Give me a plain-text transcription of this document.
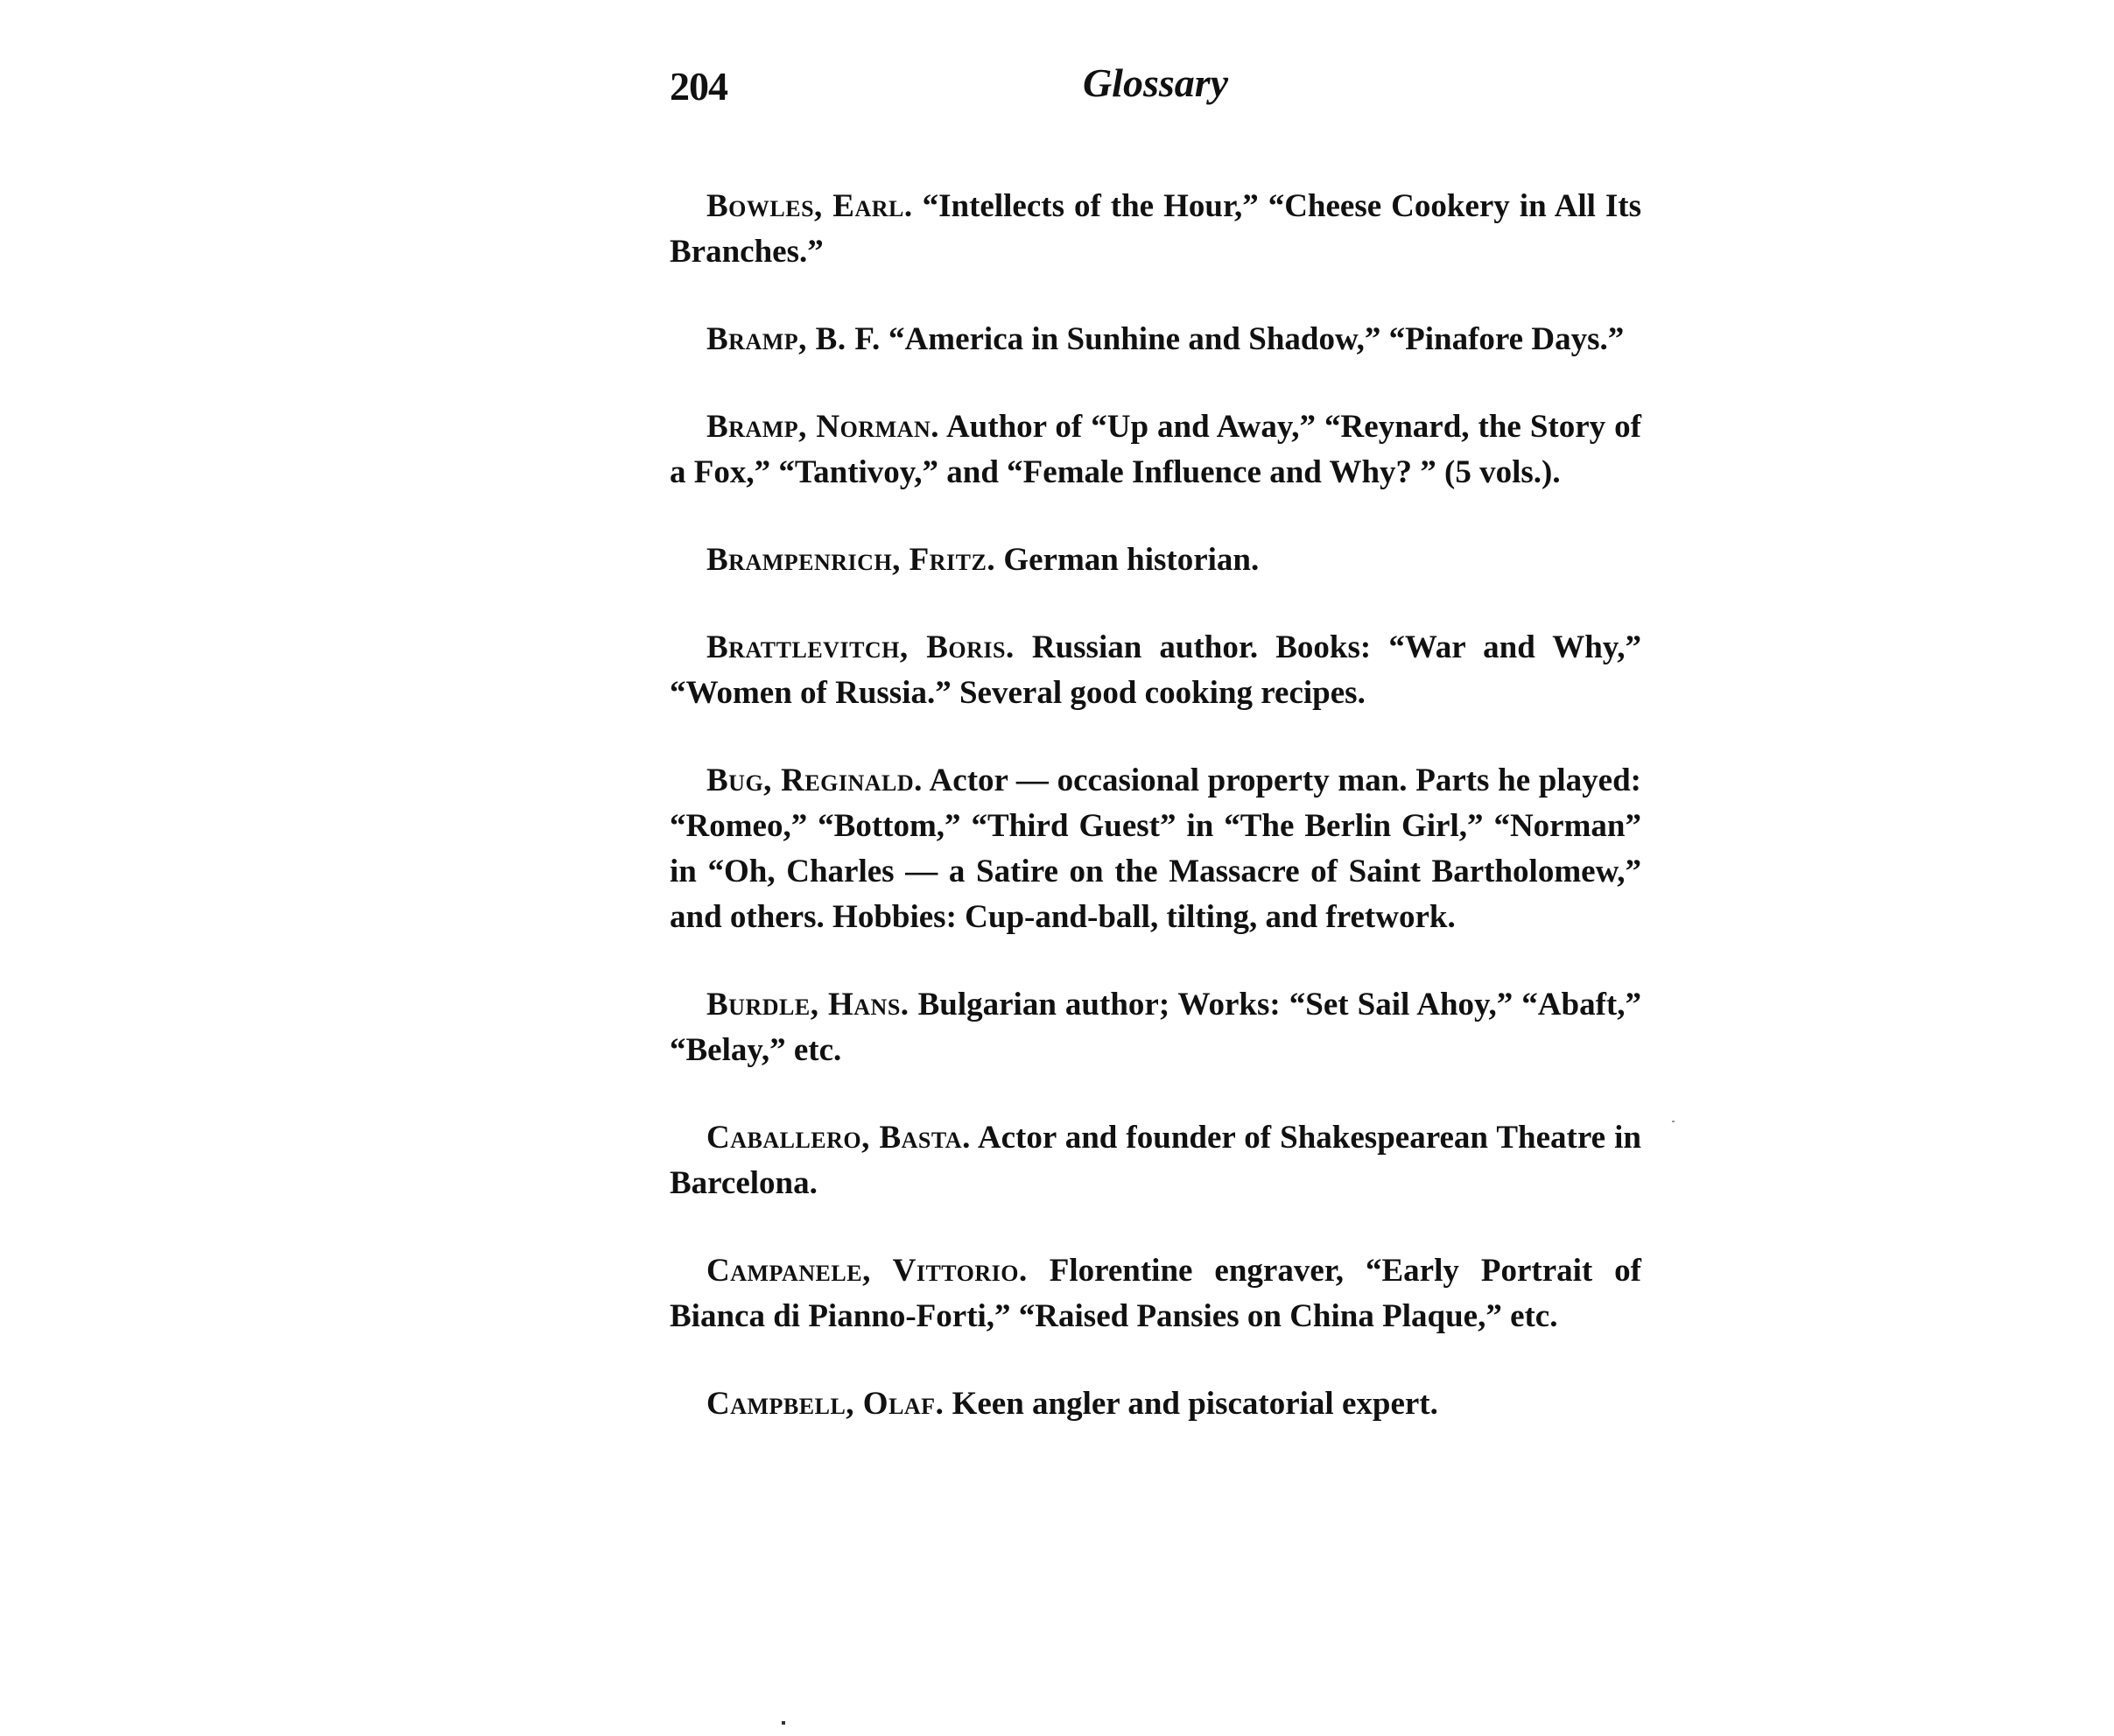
204	Glossary

Bowles, Earl. “Intellects of the Hour,” “Cheese Cookery in All Its Branches.”

Bramp, B. F. “America in Sunhine and Shadow,” “Pinafore Days.”

Bramp, Norman. Author of “Up and Away,” “Reynard, the Story of a Fox,” “Tantivoy,” and “Female Influence and Why? ” (5 vols.).

Brampenrich, Fritz. German historian.

Brattlevitch, Boris. Russian author. Books: “War and Why,” “Women of Russia.” Several good cooking recipes.

Bug, Reginald. Actor — occasional property man. Parts he played: “Romeo,” “Bottom,” “Third Guest” in “The Berlin Girl,” “Norman” in “Oh, Charles — a Satire on the Massacre of Saint Bartholomew,” and others. Hobbies: Cup-and-ball, tilting, and fretwork.

Burdle, Hans. Bulgarian author; Works: “Set Sail Ahoy,” “Abaft,” “Belay,” etc.

Caballero, Basta. Actor and founder of Shakespearean Theatre in Barcelona.

Campanele, Vittorio. Florentine engraver, “Early Portrait of Bianca di Pianno-Forti,” “Raised Pansies on China Plaque,” etc.

Campbell, Olaf. Keen angler and piscatorial expert.
